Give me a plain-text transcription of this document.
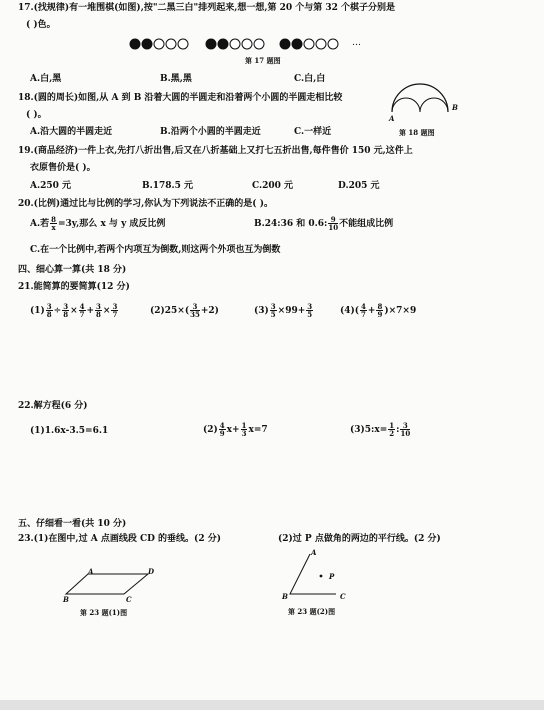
17.(找规律)有一堆围棋(如图),按"二黑三白"排列起来,想一想,第 20 个与第 32 个棋子分别是
( )色。
…
第 17 题图
A.白,黑	B.黑,黑	C.白,白
18.(圆的周长)如图,从 A 到 B 沿着大圆的半圆走和沿着两个小圆的半圆走相比较
( )。
A.沿大圆的半圆走近	B.沿两个小圆的半圆走近	C.一样近
A
B
第 18 题图
19.(商品经济)一件上衣,先打八折出售,后又在八折基础上又打七五折出售,每件售价 150 元,这件上
衣原售价是( )。
A.250 元	B.178.5 元	C.200 元	D.205 元
20.(比例)通过比与比例的学习,你认为下列说法不正确的是( )。
A.若 $\frac{8}{x} =3y$,那么 x 与 y 成反比例	B.24:36 和 0.6: $\frac{9}{10}$ 不能组成比例
C.在一个比例中,若两个内项互为倒数,则这两个外项也互为倒数
四、细心算一算(共 18 分)
21.能简算的要简算(12 分)
$(1) \frac{3}{8} \div \frac{3}{8} \times \frac{4}{7} + \frac{3}{8} \times \frac{3}{7}$	$(2)25\times( \frac{3}{35} +2)$	$(3) \frac{3}{5} \times 99+ \frac{3}{5}$	$(4)( \frac{4}{7} + \frac{8}{9} )\times 7\times 9$
22.解方程(6 分)
(1)1.6x-3.5=6.1	$(2) \frac{4}{9} x+ \frac{1}{3} x=7$	(3)5:x= $\frac{1}{2}$ : $\frac{3}{10}$
五、仔细看一看(共 10 分)
23.(1)在图中,过 A 点画线段 CD 的垂线。(2 分)	(2)过 P 点做角的两边的平行线。(2 分)
A	D
B	C
第 23 题(1)图
A
P
B	C
第 23 题(2)图
